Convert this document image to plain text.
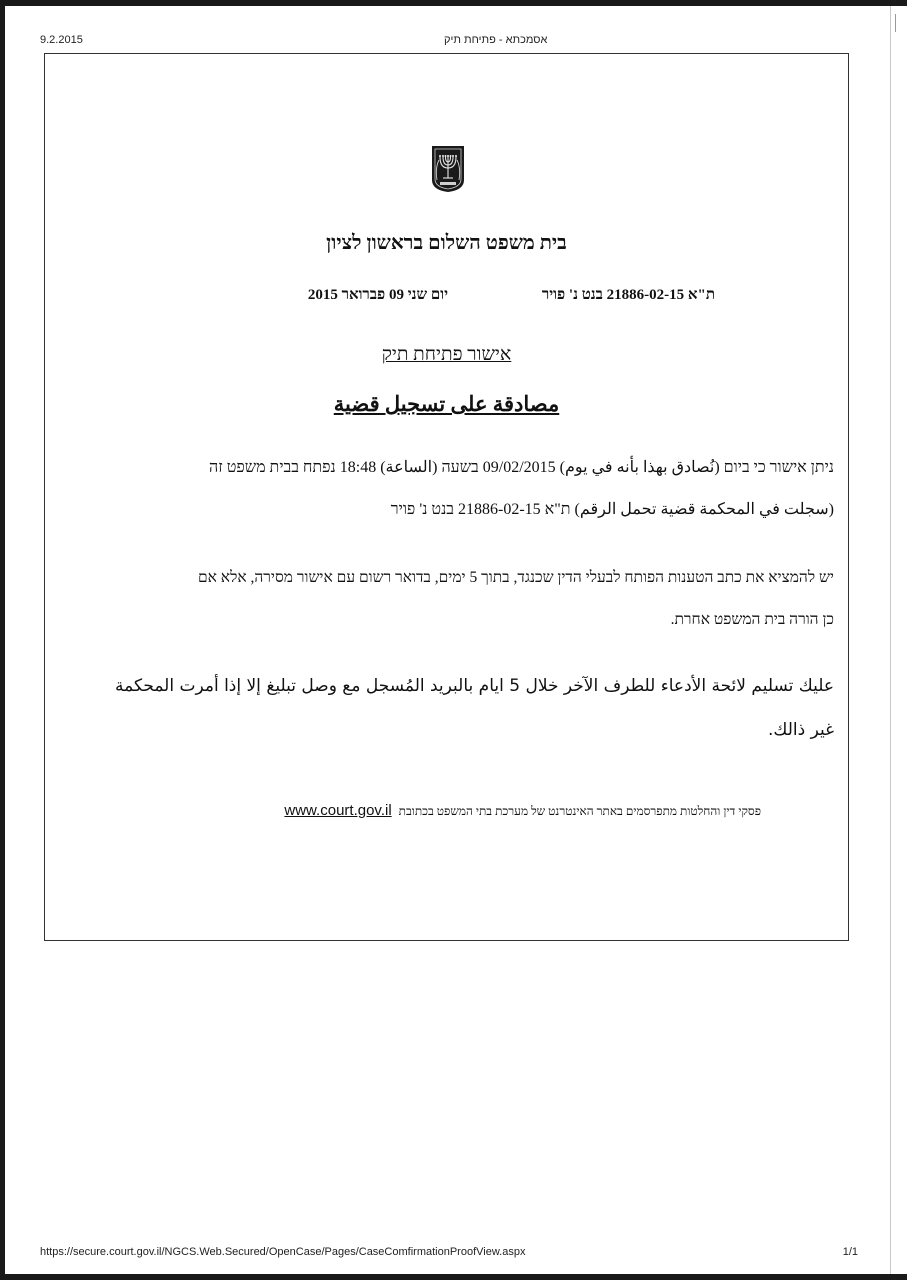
9.2.2015	אסמכתא - פתיחת תיק
בית משפט השלום בראשון לציון
ת"א 21886-02-15 בנט נ' פויר
יום שני 09 פברואר 2015
אישור פתיחת תיק
مصادقة على تسجيل قضية
ניתן אישור כי ביום (نُصادق بهذا بأنه في يوم) 09/02/2015 בשעה (الساعة) 18:48 נפתח בבית משפט זה
(سجلت في المحكمة قضية تحمل الرقم) ת"א 21886-02-15 בנט נ' פויר
יש להמציא את כתב הטענות הפותח לבעלי הדין שכנגד, בתוך 5 ימים, בדואר רשום עם אישור מסירה, אלא אם
כן הורה בית המשפט אחרת.
عليك تسليم لائحة الأدعاء للطرف الآخر خلال 5 ايام بالبريد المُسجل مع وصل تبليغ إلا إذا أمرت المحكمة
غير ذالك.
פסקי דין והחלטות מתפרסמים באתר האינטרנט של מערכת בתי המשפט בכתובת www.court.gov.il
https://secure.court.gov.il/NGCS.Web.Secured/OpenCase/Pages/CaseComfirmationProofView.aspx	1/1
